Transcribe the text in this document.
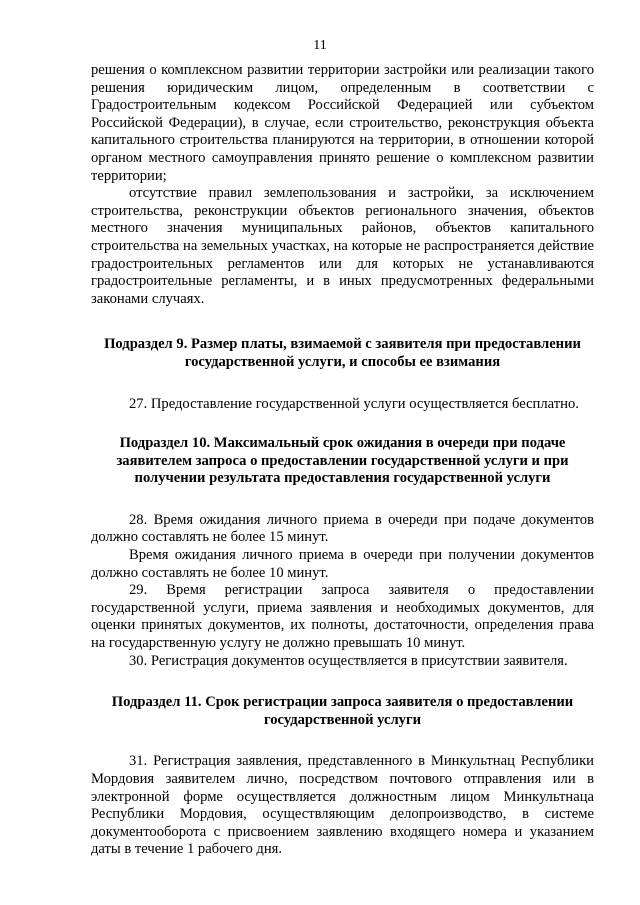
11

решения о комплексном развитии территории застройки или реализации такого решения юридическим лицом, определенным в соответствии с Градостроительным кодексом Российской Федерацией или субъектом Российской Федерации), в случае, если строительство, реконструкция объекта капитального строительства планируются на территории, в отношении которой органом местного самоуправления принято решение о комплексном развитии территории;

отсутствие правил землепользования и застройки, за исключением строительства, реконструкции объектов регионального значения, объектов местного значения муниципальных районов, объектов капитального строительства на земельных участках, на которые не распространяется действие градостроительных регламентов или для которых не устанавливаются градостроительные регламенты, и в иных предусмотренных федеральными законами случаях.

Подраздел 9. Размер платы, взимаемой с заявителя при предоставлении государственной услуги, и способы ее взимания

27. Предоставление государственной услуги осуществляется бесплатно.

Подраздел 10. Максимальный срок ожидания в очереди при подаче заявителем запроса о предоставлении государственной услуги и при получении результата предоставления государственной услуги

28. Время ожидания личного приема в очереди при подаче документов должно составлять не более 15 минут.

Время ожидания личного приема в очереди при получении документов должно составлять не более 10 минут.

29. Время регистрации запроса заявителя о предоставлении государственной услуги, приема заявления и необходимых документов, для оценки принятых документов, их полноты, достаточности, определения права на государственную услугу не должно превышать 10 минут.

30. Регистрация документов осуществляется в присутствии заявителя.

Подраздел 11. Срок регистрации запроса заявителя о предоставлении государственной услуги

31. Регистрация заявления, представленного в Минкультнац Республики Мордовия заявителем лично, посредством почтового отправления или в электронной форме осуществляется должностным лицом Минкультнаца Республики Мордовия, осуществляющим делопроизводство, в системе документооборота с присвоением заявлению входящего номера и указанием даты в течение 1 рабочего дня.
